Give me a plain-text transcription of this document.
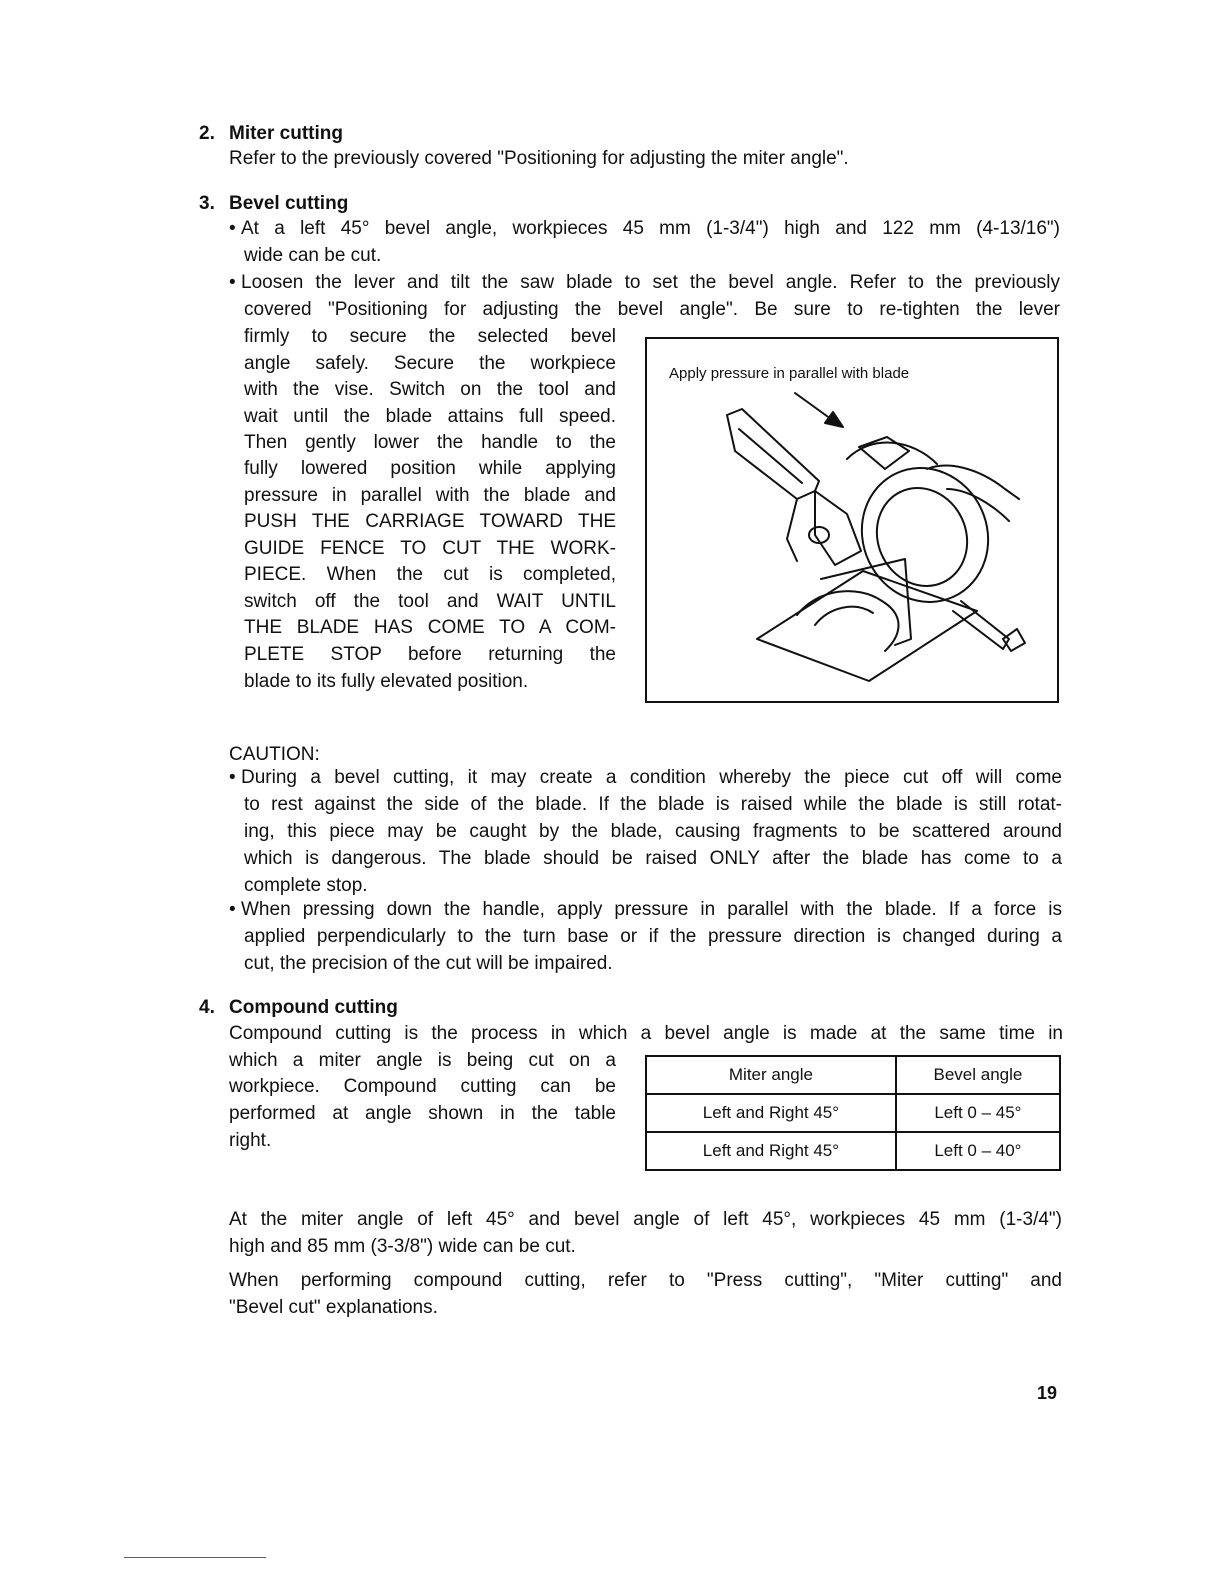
2. Miter cutting
Refer to the previously covered "Positioning for adjusting the miter angle".
3. Bevel cutting
• At a left 45° bevel angle, workpieces 45 mm (1-3/4") high and 122 mm (4-13/16")
wide can be cut.
• Loosen the lever and tilt the saw blade to set the bevel angle. Refer to the previously
covered "Positioning for adjusting the bevel angle". Be sure to re-tighten the lever
firmly to secure the selected bevel
angle safely. Secure the workpiece
with the vise. Switch on the tool and
wait until the blade attains full speed.
Then gently lower the handle to the
fully lowered position while applying
pressure in parallel with the blade and
PUSH THE CARRIAGE TOWARD THE
GUIDE FENCE TO CUT THE WORK-
PIECE. When the cut is completed,
switch off the tool and WAIT UNTIL
THE BLADE HAS COME TO A COM-
PLETE STOP before returning the
blade to its fully elevated position.
Apply pressure in parallel with blade
CAUTION:
• During a bevel cutting, it may create a condition whereby the piece cut off will come
to rest against the side of the blade. If the blade is raised while the blade is still rotat-
ing, this piece may be caught by the blade, causing fragments to be scattered around
which is dangerous. The blade should be raised ONLY after the blade has come to a
complete stop.
• When pressing down the handle, apply pressure in parallel with the blade. If a force is
applied perpendicularly to the turn base or if the pressure direction is changed during a
cut, the precision of the cut will be impaired.
4. Compound cutting
Compound cutting is the process in which a bevel angle is made at the same time in
which a miter angle is being cut on a
workpiece. Compound cutting can be
performed at angle shown in the table
right.
Miter angle	Bevel angle
Left and Right 45°	Left 0 – 45°
Left and Right 45°	Left 0 – 40°
At the miter angle of left 45° and bevel angle of left 45°, workpieces 45 mm (1-3/4")
high and 85 mm (3-3/8") wide can be cut.
When performing compound cutting, refer to "Press cutting", "Miter cutting" and
"Bevel cut" explanations.
19
